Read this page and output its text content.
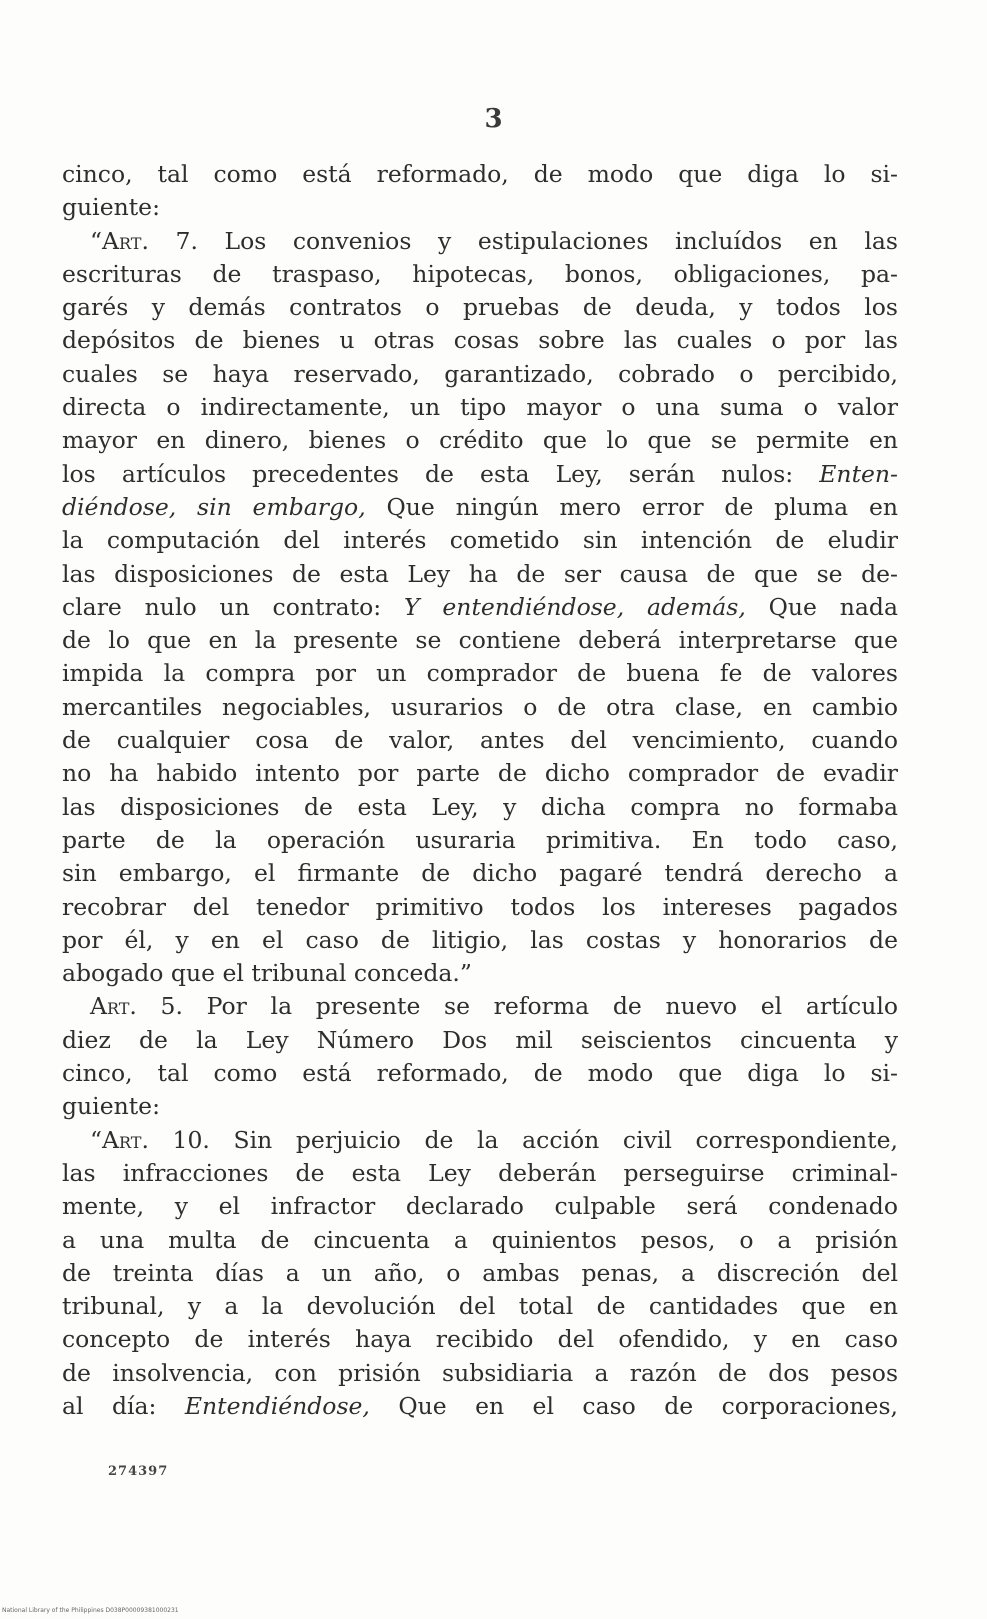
3
cinco, tal como está reformado, de modo que diga lo si-
guiente:
“Art. 7. Los convenios y estipulaciones incluídos en las
escrituras de traspaso, hipotecas, bonos, obligaciones, pa-
garés y demás contratos o pruebas de deuda, y todos los
depósitos de bienes u otras cosas sobre las cuales o por las
cuales se haya reservado, garantizado, cobrado o percibido,
directa o indirectamente, un tipo mayor o una suma o valor
mayor en dinero, bienes o crédito que lo que se permite en
los artículos precedentes de esta Ley, serán nulos: Enten-
diéndose, sin embargo, Que ningún mero error de pluma en
la computación del interés cometido sin intención de eludir
las disposiciones de esta Ley ha de ser causa de que se de-
clare nulo un contrato: Y entendiéndose, además, Que nada
de lo que en la presente se contiene deberá interpretarse que
impida la compra por un comprador de buena fe de valores
mercantiles negociables, usurarios o de otra clase, en cambio
de cualquier cosa de valor, antes del vencimiento, cuando
no ha habido intento por parte de dicho comprador de evadir
las disposiciones de esta Ley, y dicha compra no formaba
parte de la operación usuraria primitiva. En todo caso,
sin embargo, el firmante de dicho pagaré tendrá derecho a
recobrar del tenedor primitivo todos los intereses pagados
por él, y en el caso de litigio, las costas y honorarios de
abogado que el tribunal conceda.”
Art. 5. Por la presente se reforma de nuevo el artículo
diez de la Ley Número Dos mil seiscientos cincuenta y
cinco, tal como está reformado, de modo que diga lo si-
guiente:
“Art. 10. Sin perjuicio de la acción civil correspondiente,
las infracciones de esta Ley deberán perseguirse criminal-
mente, y el infractor declarado culpable será condenado
a una multa de cincuenta a quinientos pesos, o a prisión
de treinta días a un año, o ambas penas, a discreción del
tribunal, y a la devolución del total de cantidades que en
concepto de interés haya recibido del ofendido, y en caso
de insolvencia, con prisión subsidiaria a razón de dos pesos
al día: Entendiéndose, Que en el caso de corporaciones,
274397
National Library of the Philippines D038P00009381000231
